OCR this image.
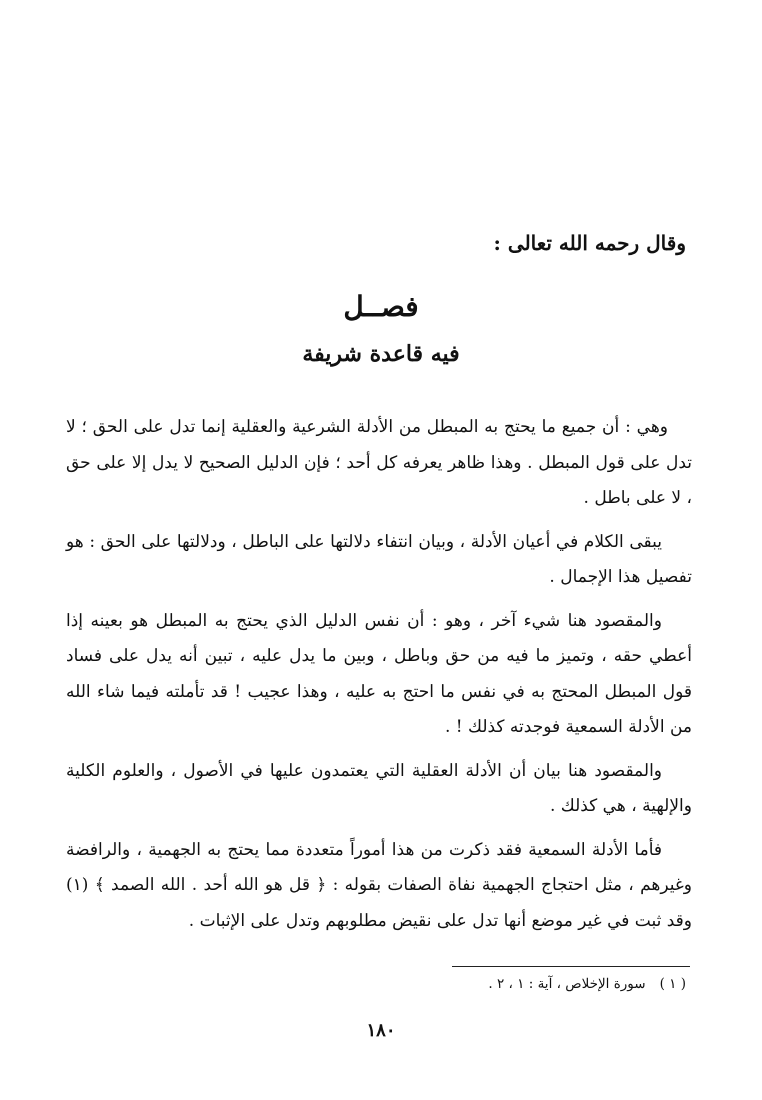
وقال رحمه الله تعالى :
فصــل
فيه قاعدة شريفة

وهي : أن جميع ما يحتج به المبطل من الأدلة الشرعية والعقلية إنما تدل على الحق ؛ لا تدل على قول المبطل . وهذا ظاهر يعرفه كل أحد ؛ فإن الدليل الصحيح لا يدل إلا على حق ، لا على باطل .

يبقى الكلام في أعيان الأدلة ، وبيان انتفاء دلالتها على الباطل ، ودلالتها على الحق : هو تفصيل هذا الإجمال .

والمقصود هنا شيء آخر ، وهو : أن نفس الدليل الذي يحتج به المبطل هو بعينه إذا أعطي حقه ، وتميز ما فيه من حق وباطل ، وبين ما يدل عليه ، تبين أنه يدل على فساد قول المبطل المحتج به في نفس ما احتج به عليه ، وهذا عجيب ! قد تأملته فيما شاء الله من الأدلة السمعية فوجدته كذلك ! .

والمقصود هنا بيان أن الأدلة العقلية التي يعتمدون عليها في الأصول ، والعلوم الكلية والإلهية ، هي كذلك .

فأما الأدلة السمعية فقد ذكرت من هذا أموراً متعددة مما يحتج به الجهمية ، والرافضة وغيرهم ، مثل احتجاج الجهمية نفاة الصفات بقوله : ﴿ قل هو الله أحد . الله الصمد ﴾ (١) وقد ثبت في غير موضع أنها تدل على نقيض مطلوبهم وتدل على الإثبات .

( ١ )سورة الإخلاص ، آية : ١ ، ٢ .
١٨٠
